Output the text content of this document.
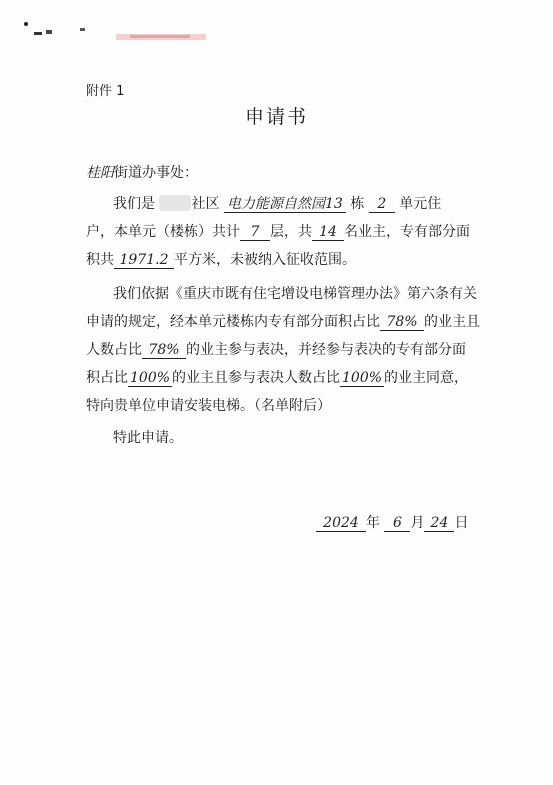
附件 1
申请书
桂阳街道办事处：
我们是	社区 电力能源自然园13 栋 2 单元住
户，本单元（楼栋）共计 7 层，共 14 名业主，专有部分面
积共 1971.2 平方米，未被纳入征收范围。
我们依据《重庆市既有住宅增设电梯管理办法》第六条有关
申请的规定，经本单元楼栋内专有部分面积占比 78% 的业主且
人数占比 78% 的业主参与表决，并经参与表决的专有部分面
积占比 100% 的业主且参与表决人数占比 100% 的业主同意，
特向贵单位申请安装电梯。（名单附后）
特此申请。
2024 年 6 月 24 日
